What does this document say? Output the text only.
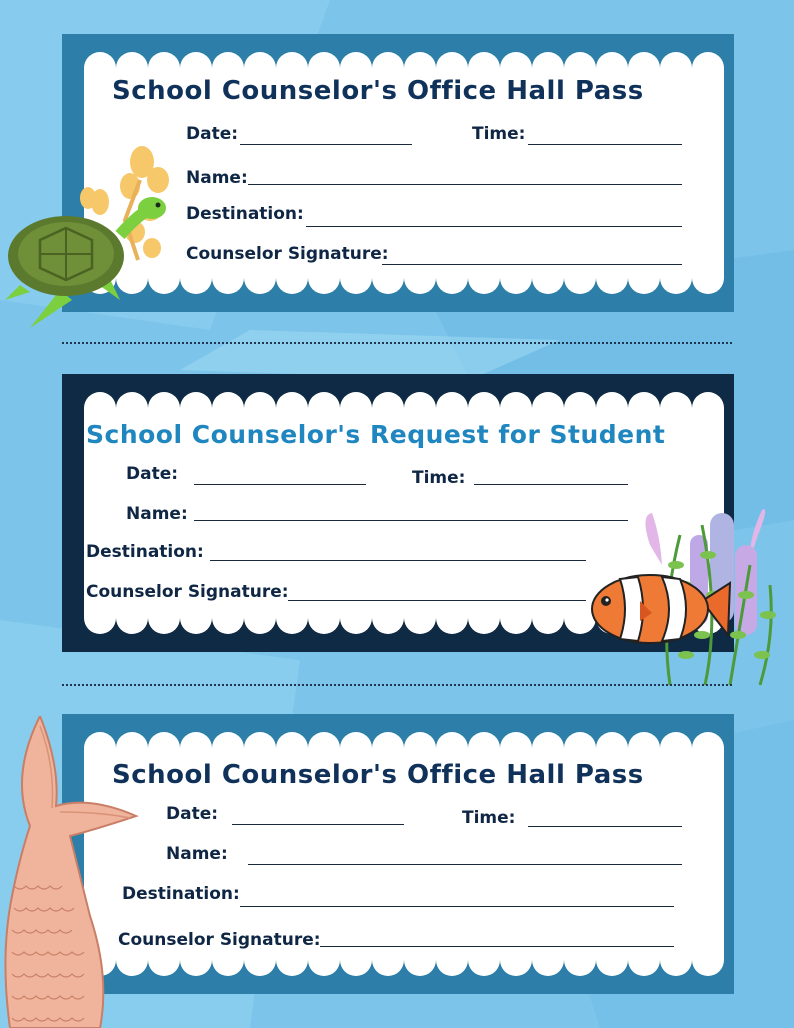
School Counselor's Office Hall Pass
Date:	Time:
Name:
Destination:
Counselor Signature:
School Counselor's Request for Student
Date:	Time:
Name:
Destination:
Counselor Signature:
School Counselor's Office Hall Pass
Date:	Time:
Name:
Destination:
Counselor Signature:
